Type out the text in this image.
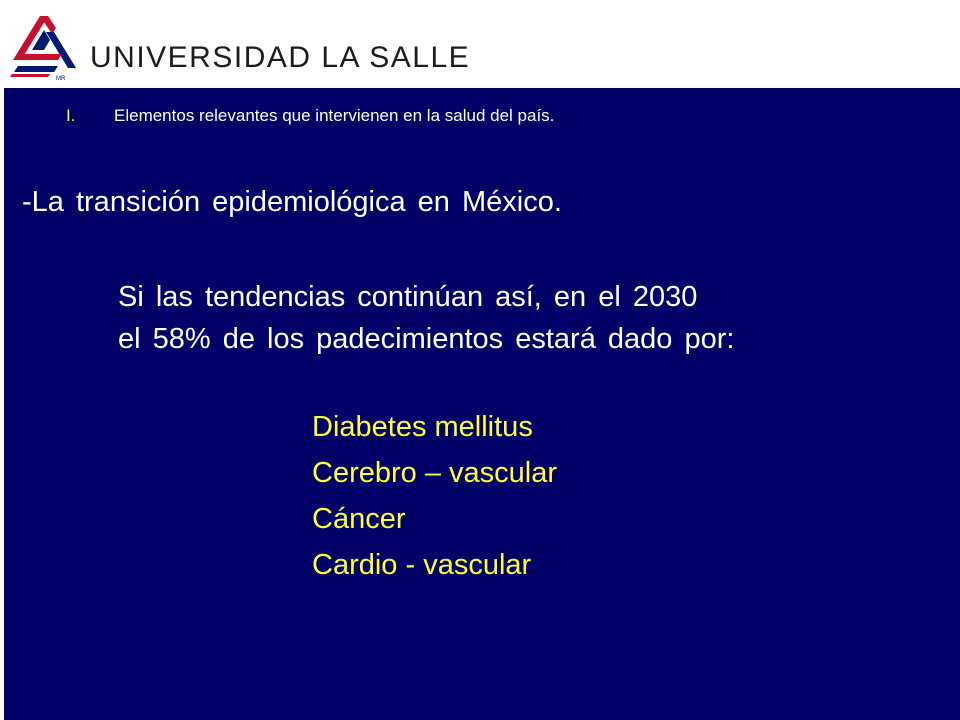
MR
UNIVERSIDAD LA SALLE
I. Elementos relevantes que intervienen en la salud del país.
-La transición epidemiológica en México.
Si las tendencias continúan así, en el 2030
el 58% de los padecimientos estará dado por:
Diabetes mellitus
Cerebro – vascular
Cáncer
Cardio - vascular
